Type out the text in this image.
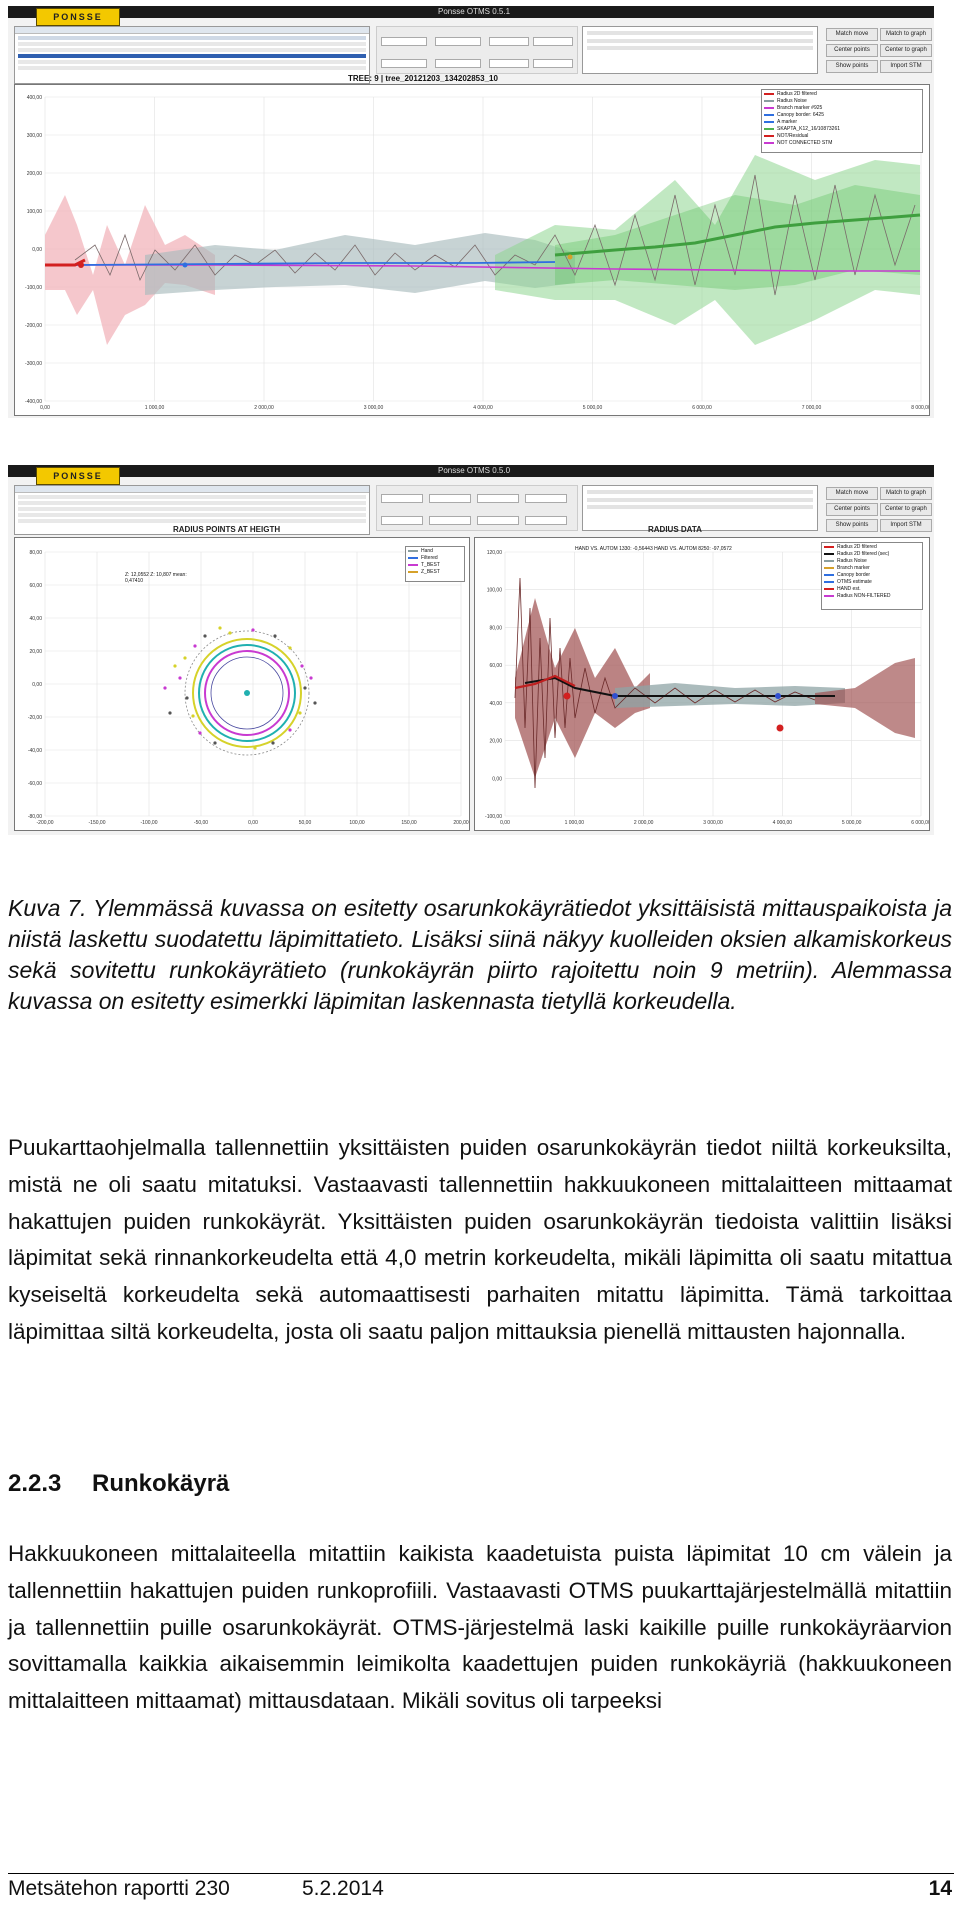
PONSSE
Ponsse OTMS 0.5.1
Match move	Match to graph
Center points	Center to graph
Show points	Import STM
TREE: 9 | tree_20121203_134202853_10
400,00
300,00
200,00
100,00
0,00
-100,00
-200,00
-300,00
-400,00
0,00	1 000,00	2 000,00	3 000,00	4 000,00	5 000,00	6 000,00	7 000,00	8 000,00
Radius 2D filtered
Radius Noise
Branch marker #925
Canopy border: 6425
A marker
SKAPTA_K12_16/10873261
NOT/Residual
NOT CONNECTED STM
PONSSE
Ponsse OTMS 0.5.0
Match move	Match to graph
Center points	Center to graph
Show points	Import STM
RADIUS POINTS AT HEIGTH
80,00
60,00
40,00
20,00
0,00
-20,00
-40,00
-60,00
-80,00
-200,00	-150,00	-100,00	-50,00	0,00	50,00	100,00	150,00	200,00
Z: 12,0552 Z: 10,807 mean: 0,47410
Hand
Filtered
T_BEST
Z_BEST
RADIUS DATA
120,00
100,00
80,00
60,00
40,00
20,00
0,00
-100,00
0,00	1 000,00	2 000,00	3 000,00	4 000,00	5 000,00	6 000,00
HAND VS. AUTOM 1330: -0,56443 HAND VS. AUTOM 8250: -97,0572	Radius 2D filtered
Radius 2D filtered (sec)
Radius Noise
Branch marker
Canopy border
OTMS estimate
HAND est.
Radius NON-FILTERED

Kuva 7. Ylemmässä kuvassa on esitetty osarunkokäyrätiedot yksittäisistä mittauspaikoista ja niistä laskettu suodatettu läpimittatieto. Lisäksi siinä näkyy kuolleiden oksien alkamiskorkeus sekä sovitettu runkokäyrätieto (runkokäyrän piirto rajoitettu noin 9 metriin). Alemmassa kuvassa on esitetty esimerkki läpimitan laskennasta tietyllä korkeudella.

Puukarttaohjelmalla tallennettiin yksittäisten puiden osarunkokäyrän tiedot niiltä korkeuksilta, mistä ne oli saatu mitatuksi. Vastaavasti tallennettiin hakkuukoneen mittalaitteen mittaamat hakattujen puiden runkokäyrät. Yksittäisten puiden osarunkokäyrän tiedoista valittiin lisäksi läpimitat sekä rinnankorkeudelta että 4,0 metrin korkeudelta, mikäli läpimitta oli saatu mitattua kyseiseltä korkeudelta sekä automaattisesti parhaiten mitattu läpimitta. Tämä tarkoittaa läpimittaa siltä korkeudelta, josta oli saatu paljon mittauksia pienellä mittausten hajonnalla.

2.2.3 Runkokäyrä

Hakkuukoneen mittalaiteella mitattiin kaikista kaadetuista puista läpimitat 10 cm välein ja tallennettiin hakattujen puiden runkoprofiili. Vastaavasti OTMS puukarttajärjestelmällä mitattiin ja tallennettiin puille osarunkokäyrät. OTMS-järjestelmä laski kaikille puille runkokäyräarvion sovittamalla kaikkia aikaisemmin leimikolta kaadettujen puiden runkokäyriä (hakkuukoneen mittalaitteen mittaamat) mittausdataan. Mikäli sovitus oli tarpeeksi

Metsätehon raportti 230	5.2.2014	14
